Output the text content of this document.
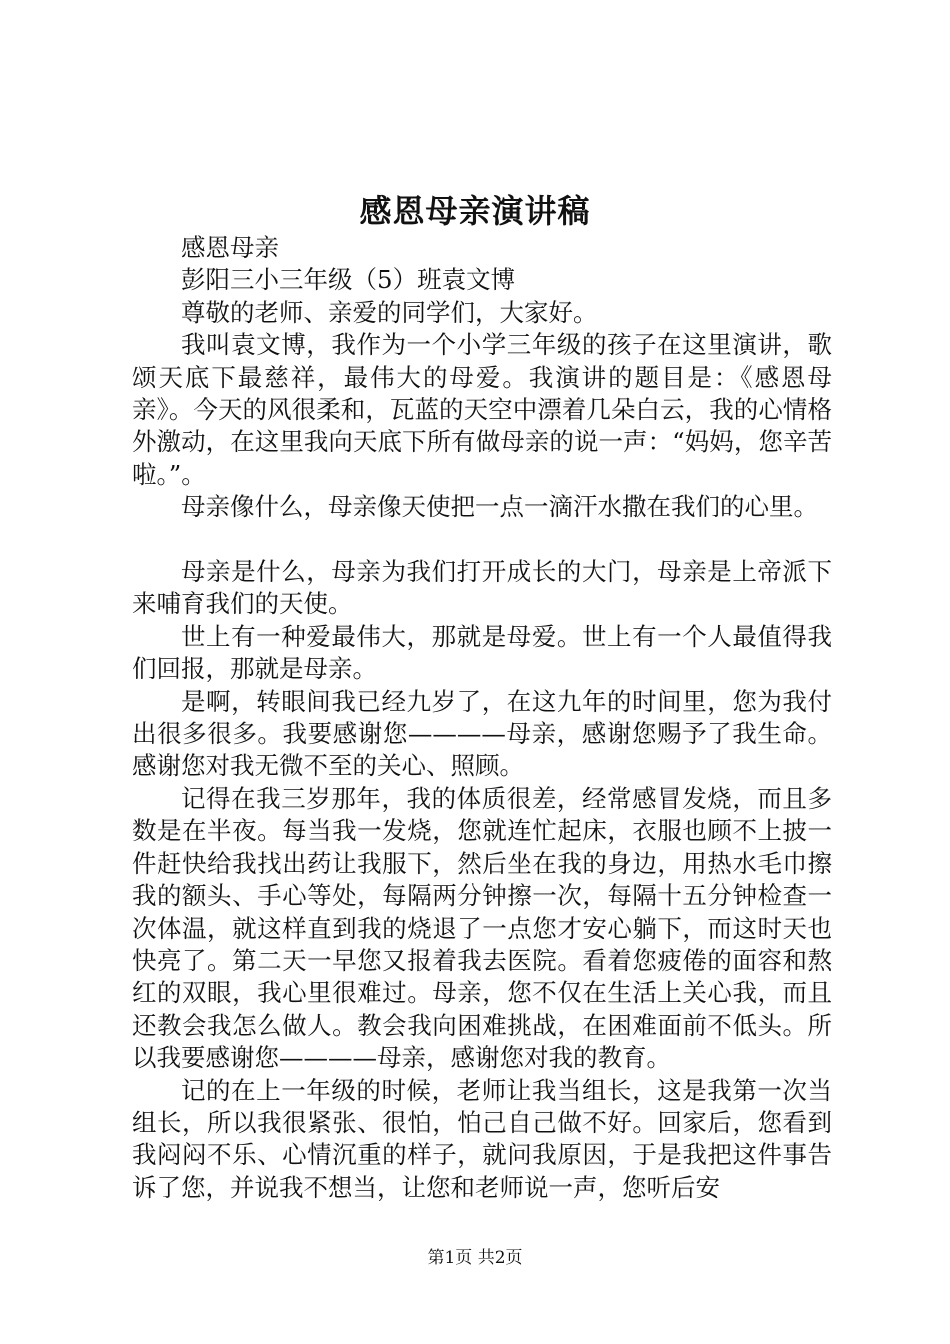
感恩母亲演讲稿

感恩母亲

彭阳三小三年级（5）班袁文博

尊敬的老师、亲爱的同学们，大家好。

我叫袁文博，我作为一个小学三年级的孩子在这里演讲，歌颂天底下最慈祥，最伟大的母爱。我演讲的题目是：《感恩母亲》。今天的风很柔和，瓦蓝的天空中漂着几朵白云，我的心情格外激动，在这里我向天底下所有做母亲的说一声：“妈妈，您辛苦啦。”。

母亲像什么，母亲像天使把一点一滴汗水撒在我们的心里。

母亲是什么，母亲为我们打开成长的大门，母亲是上帝派下来哺育我们的天使。

世上有一种爱最伟大，那就是母爱。世上有一个人最值得我们回报，那就是母亲。

是啊，转眼间我已经九岁了，在这九年的时间里，您为我付出很多很多。我要感谢您————母亲，感谢您赐予了我生命。感谢您对我无微不至的关心、照顾。

记得在我三岁那年，我的体质很差，经常感冒发烧，而且多数是在半夜。每当我一发烧，您就连忙起床，衣服也顾不上披一件赶快给我找出药让我服下，然后坐在我的身边，用热水毛巾擦我的额头、手心等处，每隔两分钟擦一次，每隔十五分钟检查一次体温，就这样直到我的烧退了一点您才安心躺下，而这时天也快亮了。第二天一早您又报着我去医院。看着您疲倦的面容和熬红的双眼，我心里很难过。母亲，您不仅在生活上关心我，而且还教会我怎么做人。教会我向困难挑战，在困难面前不低头。所以我要感谢您————母亲，感谢您对我的教育。

记的在上一年级的时候，老师让我当组长，这是我第一次当组长，所以我很紧张、很怕，怕己自己做不好。回家后，您看到我闷闷不乐、心情沉重的样子，就问我原因，于是我把这件事告诉了您，并说我不想当，让您和老师说一声，您听后安

第1页 共2页
